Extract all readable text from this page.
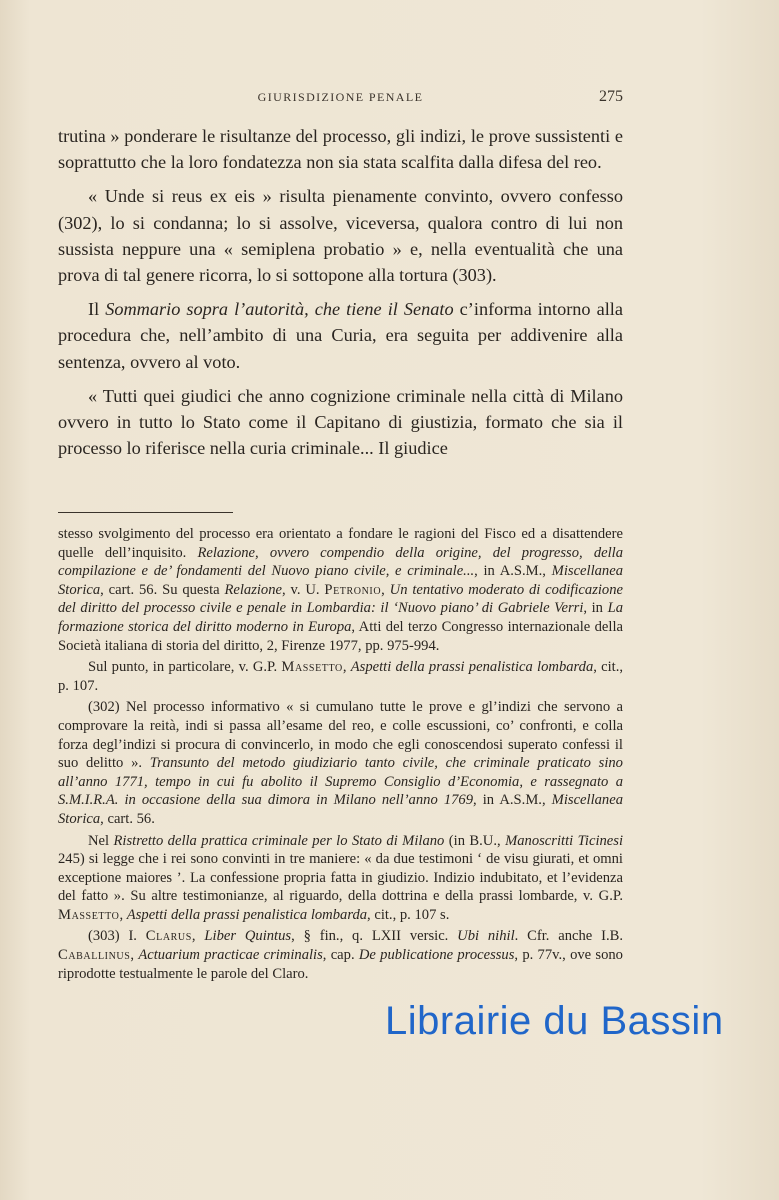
GIURISDIZIONE PENALE	275

trutina » ponderare le risultanze del processo, gli indizi, le prove sussistenti e soprattutto che la loro fondatezza non sia stata scalfita dalla difesa del reo.

« Unde si reus ex eis » risulta pienamente convinto, ovvero confesso (302), lo si condanna; lo si assolve, viceversa, qualora contro di lui non sussista neppure una « semiplena probatio » e, nella eventualità che una prova di tal genere ricorra, lo si sottopone alla tortura (303).

Il Sommario sopra l’autorità, che tiene il Senato c’informa intorno alla procedura che, nell’ambito di una Curia, era seguita per addivenire alla sentenza, ovvero al voto.

« Tutti quei giudici che anno cognizione criminale nella città di Milano ovvero in tutto lo Stato come il Capitano di giustizia, formato che sia il processo lo riferisce nella curia criminale... Il giudice

stesso svolgimento del processo era orientato a fondare le ragioni del Fisco ed a disattendere quelle dell’inquisito. Relazione, ovvero compendio della origine, del progresso, della compilazione e de’ fondamenti del Nuovo piano civile, e criminale..., in A.S.M., Miscellanea Storica, cart. 56. Su questa Relazione, v. U. Petronio, Un tentativo moderato di codificazione del diritto del processo civile e penale in Lombardia: il ‘Nuovo piano’ di Gabriele Verri, in La formazione storica del diritto moderno in Europa, Atti del terzo Congresso internazionale della Società italiana di storia del diritto, 2, Firenze 1977, pp. 975-994.

Sul punto, in particolare, v. G.P. Massetto, Aspetti della prassi penalistica lombarda, cit., p. 107.

(302) Nel processo informativo « si cumulano tutte le prove e gl’indizi che servono a comprovare la reità, indi si passa all’esame del reo, e colle escussioni, co’ confronti, e colla forza degl’indizi si procura di convincerlo, in modo che egli conoscendosi superato confessi il suo delitto ». Transunto del metodo giudiziario tanto civile, che criminale praticato sino all’anno 1771, tempo in cui fu abolito il Supremo Consiglio d’Economia, e rassegnato a S.M.I.R.A. in occasione della sua dimora in Milano nell’anno 1769, in A.S.M., Miscellanea Storica, cart. 56.

Nel Ristretto della prattica criminale per lo Stato di Milano (in B.U., Manoscritti Ticinesi 245) si legge che i rei sono convinti in tre maniere: « da due testimoni ‘ de visu giurati, et omni exceptione maiores ’. La confessione propria fatta in giudizio. Indizio indubitato, et l’evidenza del fatto ». Su altre testimonianze, al riguardo, della dottrina e della prassi lombarde, v. G.P. Massetto, Aspetti della prassi penalistica lombarda, cit., p. 107 s.

(303) I. Clarus, Liber Quintus, § fin., q. LXII versic. Ubi nihil. Cfr. anche I.B. Caballinus, Actuarium practicae criminalis, cap. De publicatione processus, p. 77v., ove sono riprodotte testualmente le parole del Claro.

Librairie du Bassin
